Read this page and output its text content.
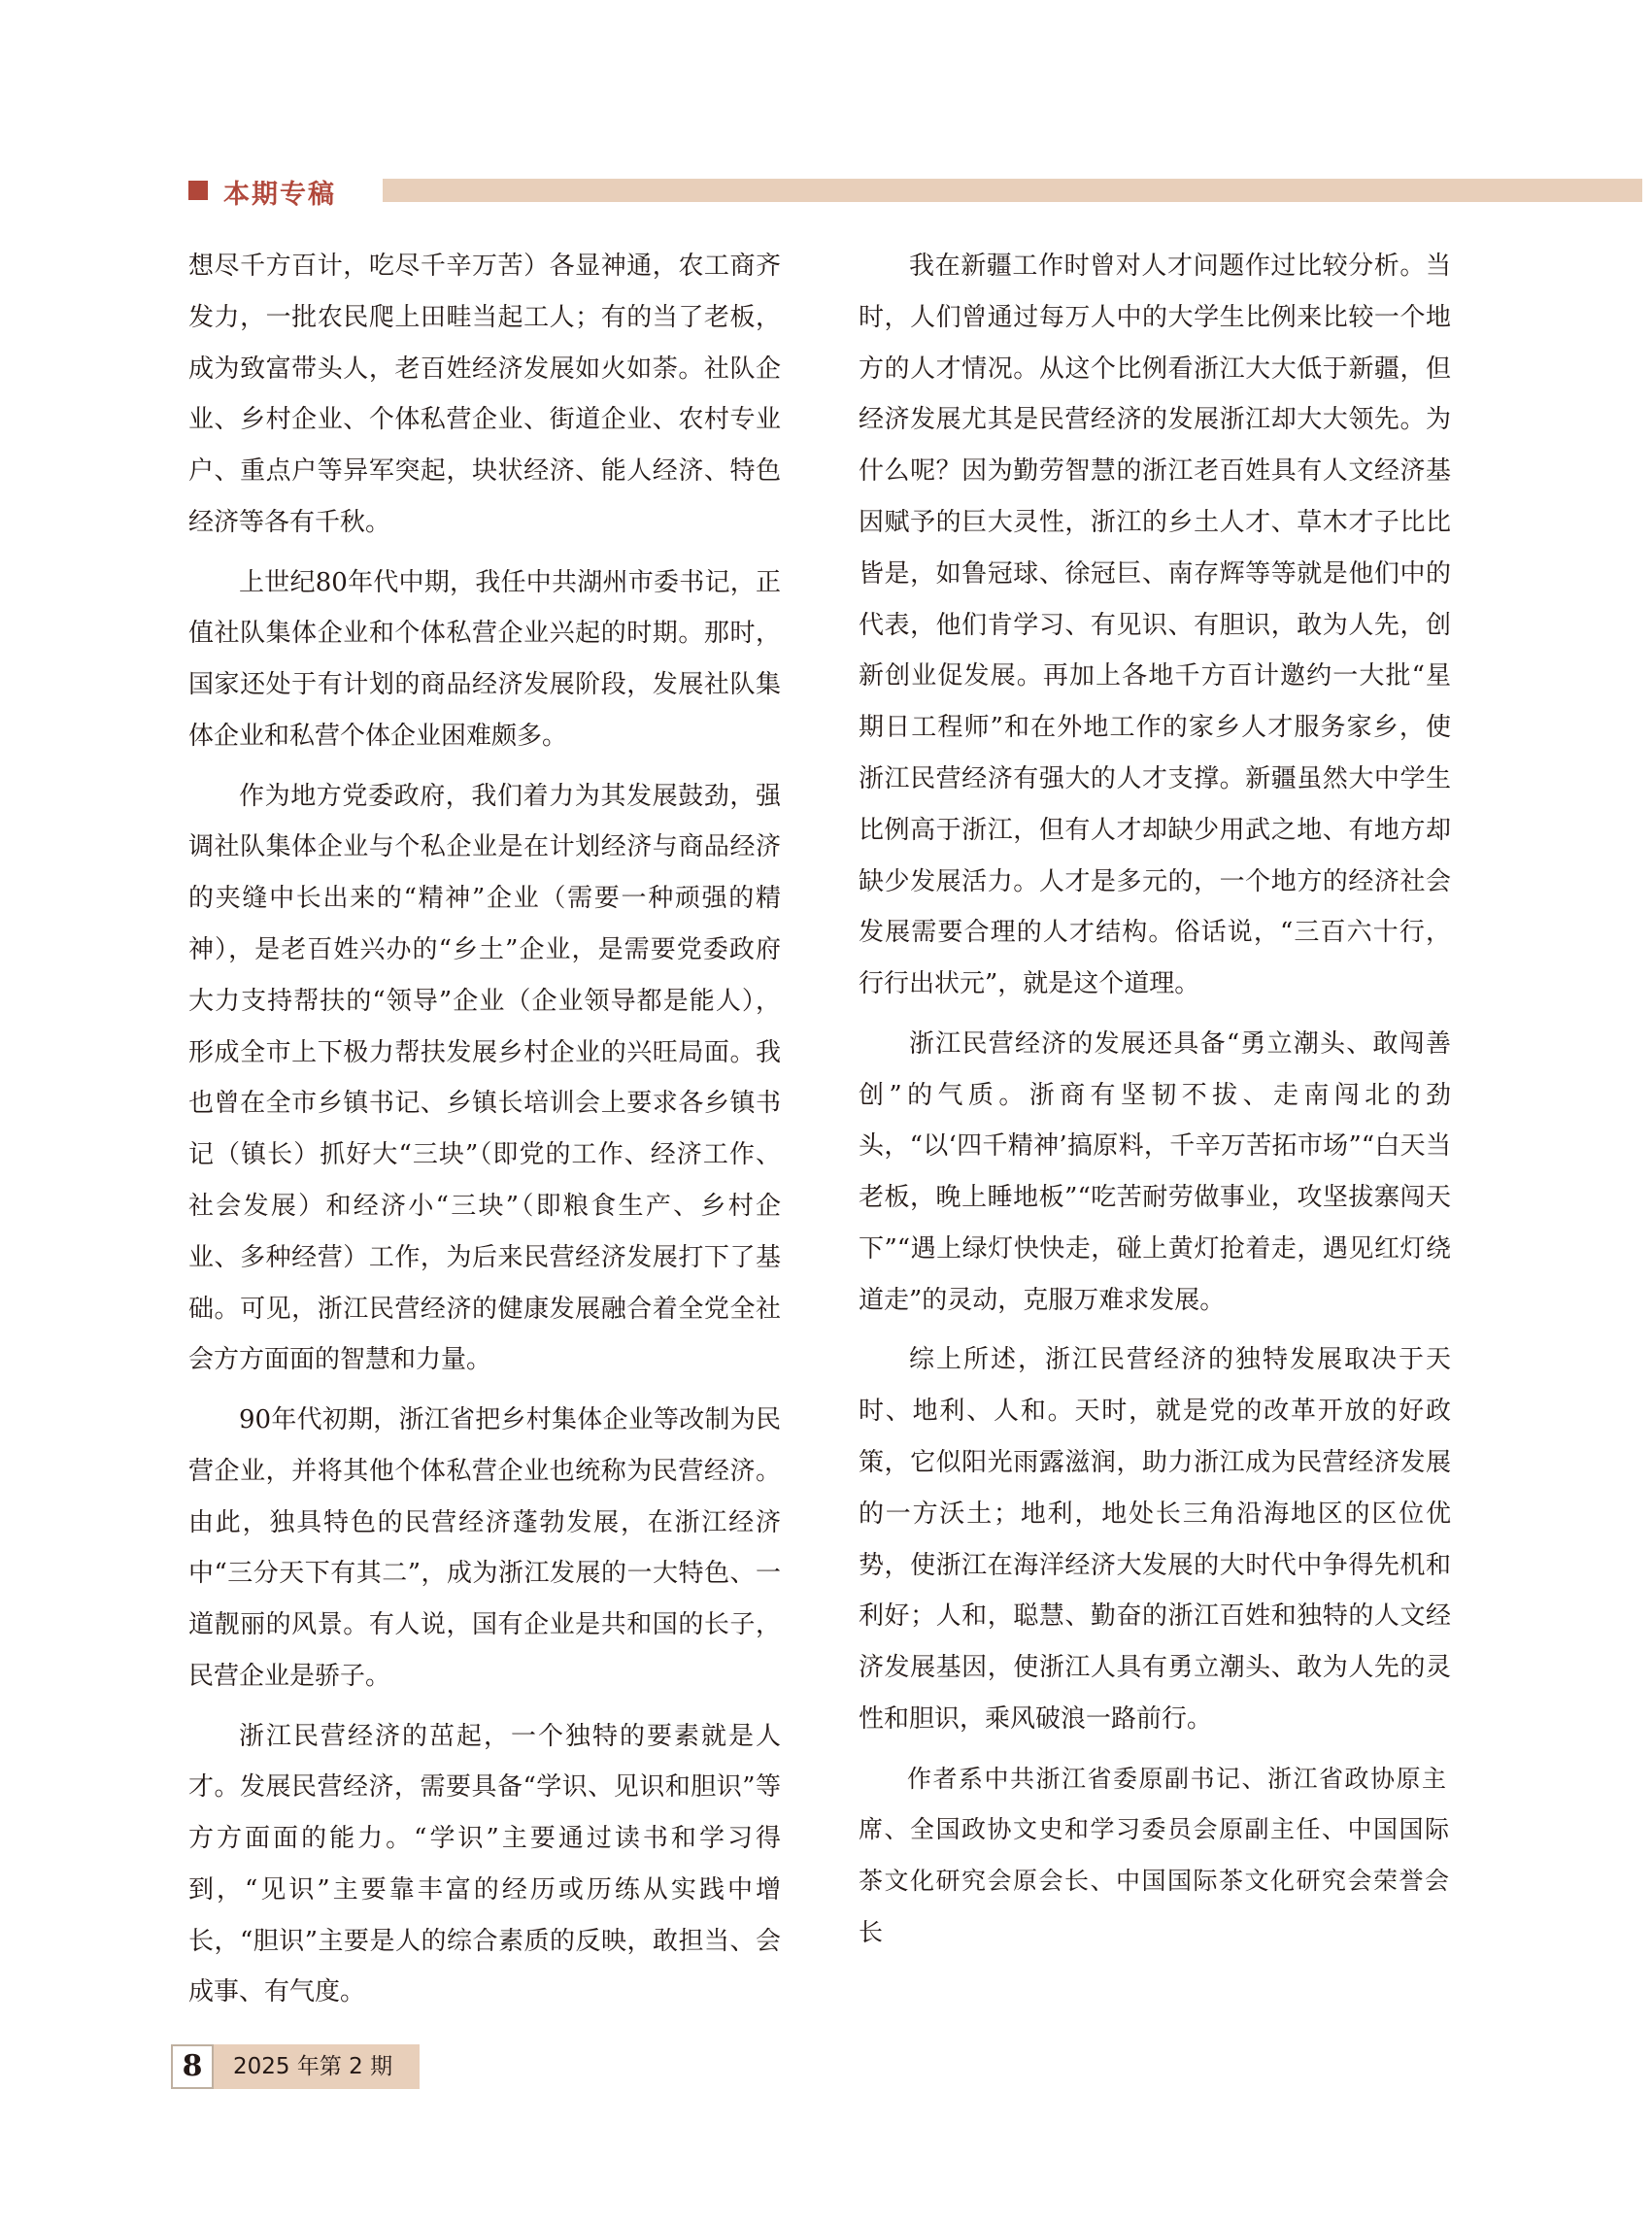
本期专稿

想尽千方百计，吃尽千辛万苦）各显神通，农工商齐发力，一批农民爬上田畦当起工人；有的当了老板，成为致富带头人，老百姓经济发展如火如荼。社队企业、乡村企业、个体私营企业、街道企业、农村专业户、重点户等异军突起，块状经济、能人经济、特色经济等各有千秋。

上世纪80年代中期，我任中共湖州市委书记，正值社队集体企业和个体私营企业兴起的时期。那时，国家还处于有计划的商品经济发展阶段，发展社队集体企业和私营个体企业困难颇多。

作为地方党委政府，我们着力为其发展鼓劲，强调社队集体企业与个私企业是在计划经济与商品经济的夹缝中长出来的“精神”企业（需要一种顽强的精神），是老百姓兴办的“乡土”企业，是需要党委政府大力支持帮扶的“领导”企业（企业领导都是能人），形成全市上下极力帮扶发展乡村企业的兴旺局面。我也曾在全市乡镇书记、乡镇长培训会上要求各乡镇书记（镇长）抓好大“三块”（即党的工作、经济工作、社会发展）和经济小“三块”（即粮食生产、乡村企业、多种经营）工作，为后来民营经济发展打下了基础。可见，浙江民营经济的健康发展融合着全党全社会方方面面的智慧和力量。

90年代初期，浙江省把乡村集体企业等改制为民营企业，并将其他个体私营企业也统称为民营经济。由此，独具特色的民营经济蓬勃发展，在浙江经济中“三分天下有其二”，成为浙江发展的一大特色、一道靓丽的风景。有人说，国有企业是共和国的长子，民营企业是骄子。

浙江民营经济的茁起，一个独特的要素就是人才。发展民营经济，需要具备“学识、见识和胆识”等方方面面的能力。“学识”主要通过读书和学习得到，“见识”主要靠丰富的经历或历练从实践中增长，“胆识”主要是人的综合素质的反映，敢担当、会成事、有气度。

我在新疆工作时曾对人才问题作过比较分析。当时，人们曾通过每万人中的大学生比例来比较一个地方的人才情况。从这个比例看浙江大大低于新疆，但经济发展尤其是民营经济的发展浙江却大大领先。为什么呢？因为勤劳智慧的浙江老百姓具有人文经济基因赋予的巨大灵性，浙江的乡土人才、草木才子比比皆是，如鲁冠球、徐冠巨、南存辉等等就是他们中的代表，他们肯学习、有见识、有胆识，敢为人先，创新创业促发展。再加上各地千方百计邀约一大批“星期日工程师”和在外地工作的家乡人才服务家乡，使浙江民营经济有强大的人才支撑。新疆虽然大中学生比例高于浙江，但有人才却缺少用武之地、有地方却缺少发展活力。人才是多元的，一个地方的经济社会发展需要合理的人才结构。俗话说，“三百六十行，行行出状元”，就是这个道理。

浙江民营经济的发展还具备“勇立潮头、敢闯善创”的气质。浙商有坚韧不拔、走南闯北的劲头，“以‘四千精神’搞原料，千辛万苦拓市场”“白天当老板，晚上睡地板”“吃苦耐劳做事业，攻坚拔寨闯天下”“遇上绿灯快快走，碰上黄灯抢着走，遇见红灯绕道走”的灵动，克服万难求发展。

综上所述，浙江民营经济的独特发展取决于天时、地利、人和。天时，就是党的改革开放的好政策，它似阳光雨露滋润，助力浙江成为民营经济发展的一方沃土；地利，地处长三角沿海地区的区位优势，使浙江在海洋经济大发展的大时代中争得先机和利好；人和，聪慧、勤奋的浙江百姓和独特的人文经济发展基因，使浙江人具有勇立潮头、敢为人先的灵性和胆识，乘风破浪一路前行。

作者系中共浙江省委原副书记、浙江省政协原主席、全国政协文史和学习委员会原副主任、中国国际茶文化研究会原会长、中国国际茶文化研究会荣誉会长

8	2025 年第 2 期
